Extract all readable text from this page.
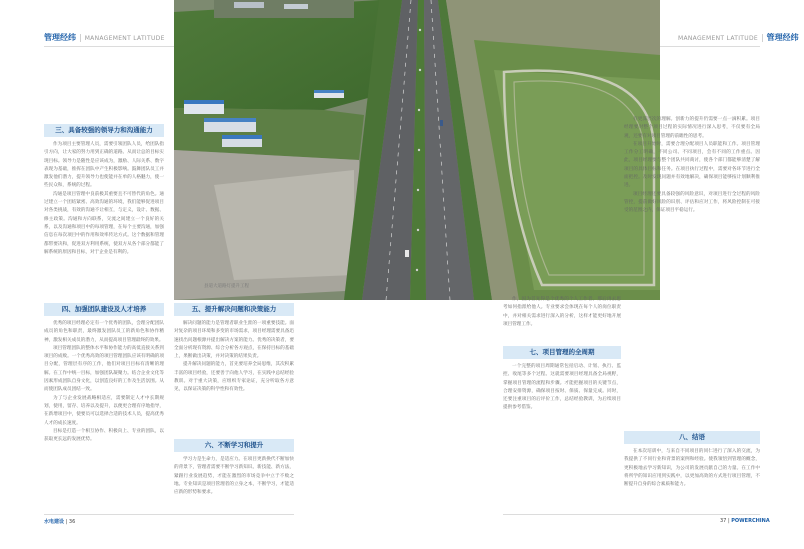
管理经纬 | MANAGEMENT LATITUDE	MANAGEMENT LATITUDE | 管理经纬
县道大道路灯提升工程
三、具备较强的领导力和沟通能力

作为项目主要管理人员，需要引领团队人员，给团队指引方向，让大家的努力用到正确的道路。从而让总的目标实现目标。领导力是随性是应该成为，激励、人际关系、数字表现为基础，推挥在团队中产生积极影响。鼓舞团队员工并激发他们潜力，提升领导力也使能并在单的人格魅力，使一些民众和，系统的过程。

沟通是项目管理中良前极其重要且不可替代的角色。通过建立一个团结紧密、高效沟通的环境，我们能够促进项目对各类挑战，有效的沟通不让相互，与定义，设计、数据、修主政策。沟通和方向联系，交流之间建立一个良好的关系，以及沟通和项目中的每项管理，在每个主要沟通，加强信息在每次项目中的作用和效率传达方式。这个数据和管理都带要决和，促进双方利用系统，使双方从各个部分都能了解系统的原因和目标，对于企业是有利的。

四、加强团队建设及人才培养

优秀的项目经理必定有一个优秀的团队，会理分配团队成员的角色和职责，最终激发团队员工的新角色和协作精神，激发相关成员的潜力，从而提高项目管理最终的效果。

项目管理团队的整体水平和协作能力的高低直接关系到项目的成败。一个优秀高效的项目管理团队应该有明确的项目分配，管理层有序的工作，他们对项目目标有清晰的理解。在工作中统一目标，加强团队凝聚力。结合企业文化等因素形成团队自身文化，以创造良好的工作及生活氛围。从而使团队成员团结一致。

为了与企业发展战略相适应，需要制定人才中长期规划，使用，留存、培养以及提升，以便更合理有序地指导，在新增项目中，使要员可以选择合适的技术人员，提高优秀人才的成长速度。

目标是打造一个相互协作、积极向上、专业的团队，以获取更长远的发展优势。

五、提升解决问题和决策能力

解决问题的能力是管理者职业生涯的一项重要技能。面对复杂的项目环境和多变的市场需求，项目经理需要具备迅速找出问题根源并提出解决方案的能力。优秀的决策者，要全面分析现有资源、综合分析各方观点，在保持目标的基础上，果断做出决策，并对决策的结果负责。

提升解决问题的能力，首先要培养全局思维，其次积累丰富的项目经验，还要善于向他人学习，在实践中总结经验教训。对于重大决策，应组织专家论证，充分听取各方意见，以保证决策的科学性和有效性。

六、不断学习和提升

学习力是生命力，是适应力。在项目更新换代不断加快的背景下，管理者需要不断学习新知识、新技能、新方法，紧跟行业发展趋势，才能在激烈的市场竞争中立于不败之地。专业知识是项目管理者的立身之本，不断学习，才能适应新的形势和要求。

作，因为首先得是个优秀的个人工作者。那后再去思考如何指派给他人。专业要求会体现在每个人的岗位职责中，并对相关需求进行深入的分析，这样才能更好地开展项目管理工作。

七、项目管理的全周期

一个完整的项目周期通常包括启动、计划、执行、监控、收尾等多个过程。这就需要项目经理具备全局视野，掌握项目管理的流程和步骤。才能把握项目的关键节点，合理安排资源，确保项目按时、保质、保量完成。同时，还要注重项目的后评价工作，总结经验教训，为后续项目提供参考借鉴。

有更深层次的理解。创新力的提升仍需要一点一滴积累。项目经理要对整个项目过程的实际情况进行深入思考，不仅要有全局观，还要有对项目管理的前瞻性的思考。

在项目开始时，需要合理分配项目人员职能和工作。项目管理工作分工明确，不同公司、不同项目，会有不同的工作重点。因此，项目经理要与整个团队共同商讨，使各个部门都能够清楚了解项目的具体目标和任务。在项目执行过程中，需要对各环节进行全面把控。及时发现问题并有效地解决，确保项目能够按计划顺利推进。

项目经理还要具备较强的风险意识，对项目进行全过程的风险管控，提前做好风险的识别、评估和应对工作，将风险控制在可接受的范围之内，保证项目平稳运行。

八、结语

在本次培训中，与来自不同项目的同仁进行了深入的交流，为我提供了不同行业和背景的案例和经验。使我领悟到管理的概念，更积极地去学习新知识，为公司的发展贡献自己的力量。在工作中将所学的知识应用到实践中，以更加高效的方式进行项目管理，不断提升自身的综合素质和能力。

水电建设 | 36	37 | POWERCHINA
